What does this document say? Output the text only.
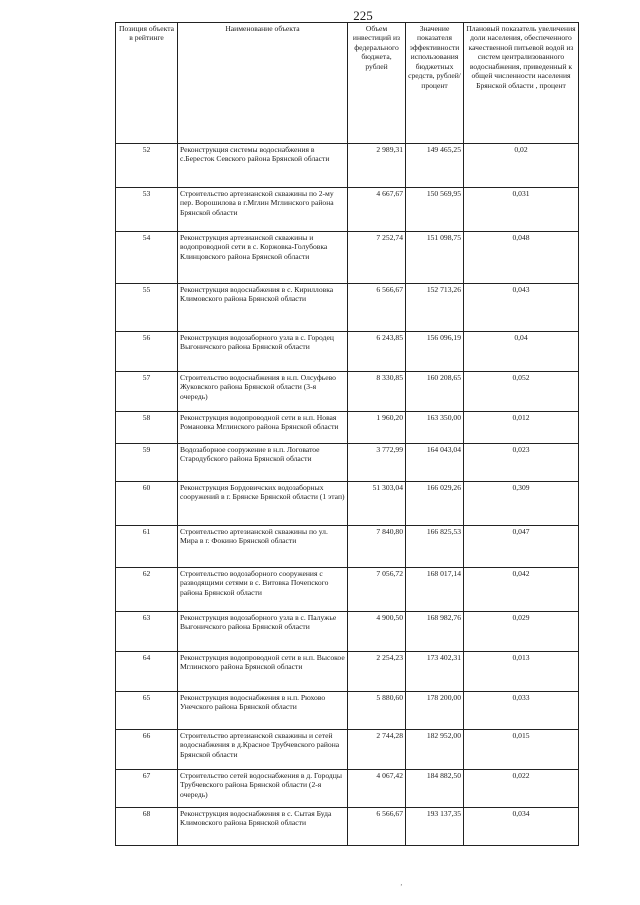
225
Позиция объекта в рейтинге	Наименование объекта	Объем инвестиций из федерального бюджета, рублей	Значение показателя эффективности использования бюджетных средств, рублей/процент	Плановый показатель увеличения доли населения, обеспеченного качественной питьевой водой из систем централизованного водоснабжения, приведенный к общей численности населения Брянской области , процент
52	Реконструкция системы водоснабжения в с.Бересток Севского района Брянской области	2 989,31	149 465,25	0,02
53	Строительство артезианской скважины по 2-му пер. Ворошилова в г.Мглин Мглинского района Брянской области	4 667,67	150 569,95	0,031
54	Реконструкция артезианской скважины и водопроводной сети в с. Коржовка-Голубовка Клинцовского района Брянской области	7 252,74	151 098,75	0,048
55	Реконструкция водоснабжения в с. Кирилловка Климовского района Брянской области	6 566,67	152 713,26	0,043
56	Реконструкция водозаборного узла в с. Городец Выгоничского района Брянской области	6 243,85	156 096,19	0,04
57	Строительство водоснабжения в н.п. Олсуфьево Жуковского района Брянской области (3-я очередь)	8 330,85	160 208,65	0,052
58	Реконструкция водопроводной сети в н.п. Новая Романовка Мглинского района Брянской области	1 960,20	163 350,00	0,012
59	Водозаборное сооружение в н.п. Логоватое Стародубского района Брянской области	3 772,99	164 043,04	0,023
60	Реконструкция Бордовичских водозаборных сооружений в г. Брянске Брянской области (1 этап)	51 303,04	166 029,26	0,309
61	Строительство артезианской скважины по ул. Мира в г. Фокино Брянской области	7 840,80	166 825,53	0,047
62	Строительство водозаборного сооружения с разводящими сетями в с. Витовка Почепского района Брянской области	7 056,72	168 017,14	0,042
63	Реконструкция водозаборного узла в с. Палужье Выгоничского района Брянской области	4 900,50	168 982,76	0,029
64	Реконструкция водопроводной сети в н.п. Высокое Мглинского района Брянской области	2 254,23	173 402,31	0,013
65	Реконструкция водоснабжения в н.п. Рюхово Унечского района Брянской области	5 880,60	178 200,00	0,033
66	Строительство артезианской скважины и сетей водоснабжения в д.Красное Трубчевского района Брянской области	2 744,28	182 952,00	0,015
67	Строительство сетей водоснабжения в д. Городцы Трубчевского района Брянской области (2-я очередь)	4 067,42	184 882,50	0,022
68	Реконструкция водоснабжения в с. Сытая Буда Климовского района Брянской области	6 566,67	193 137,35	0,034
‚
